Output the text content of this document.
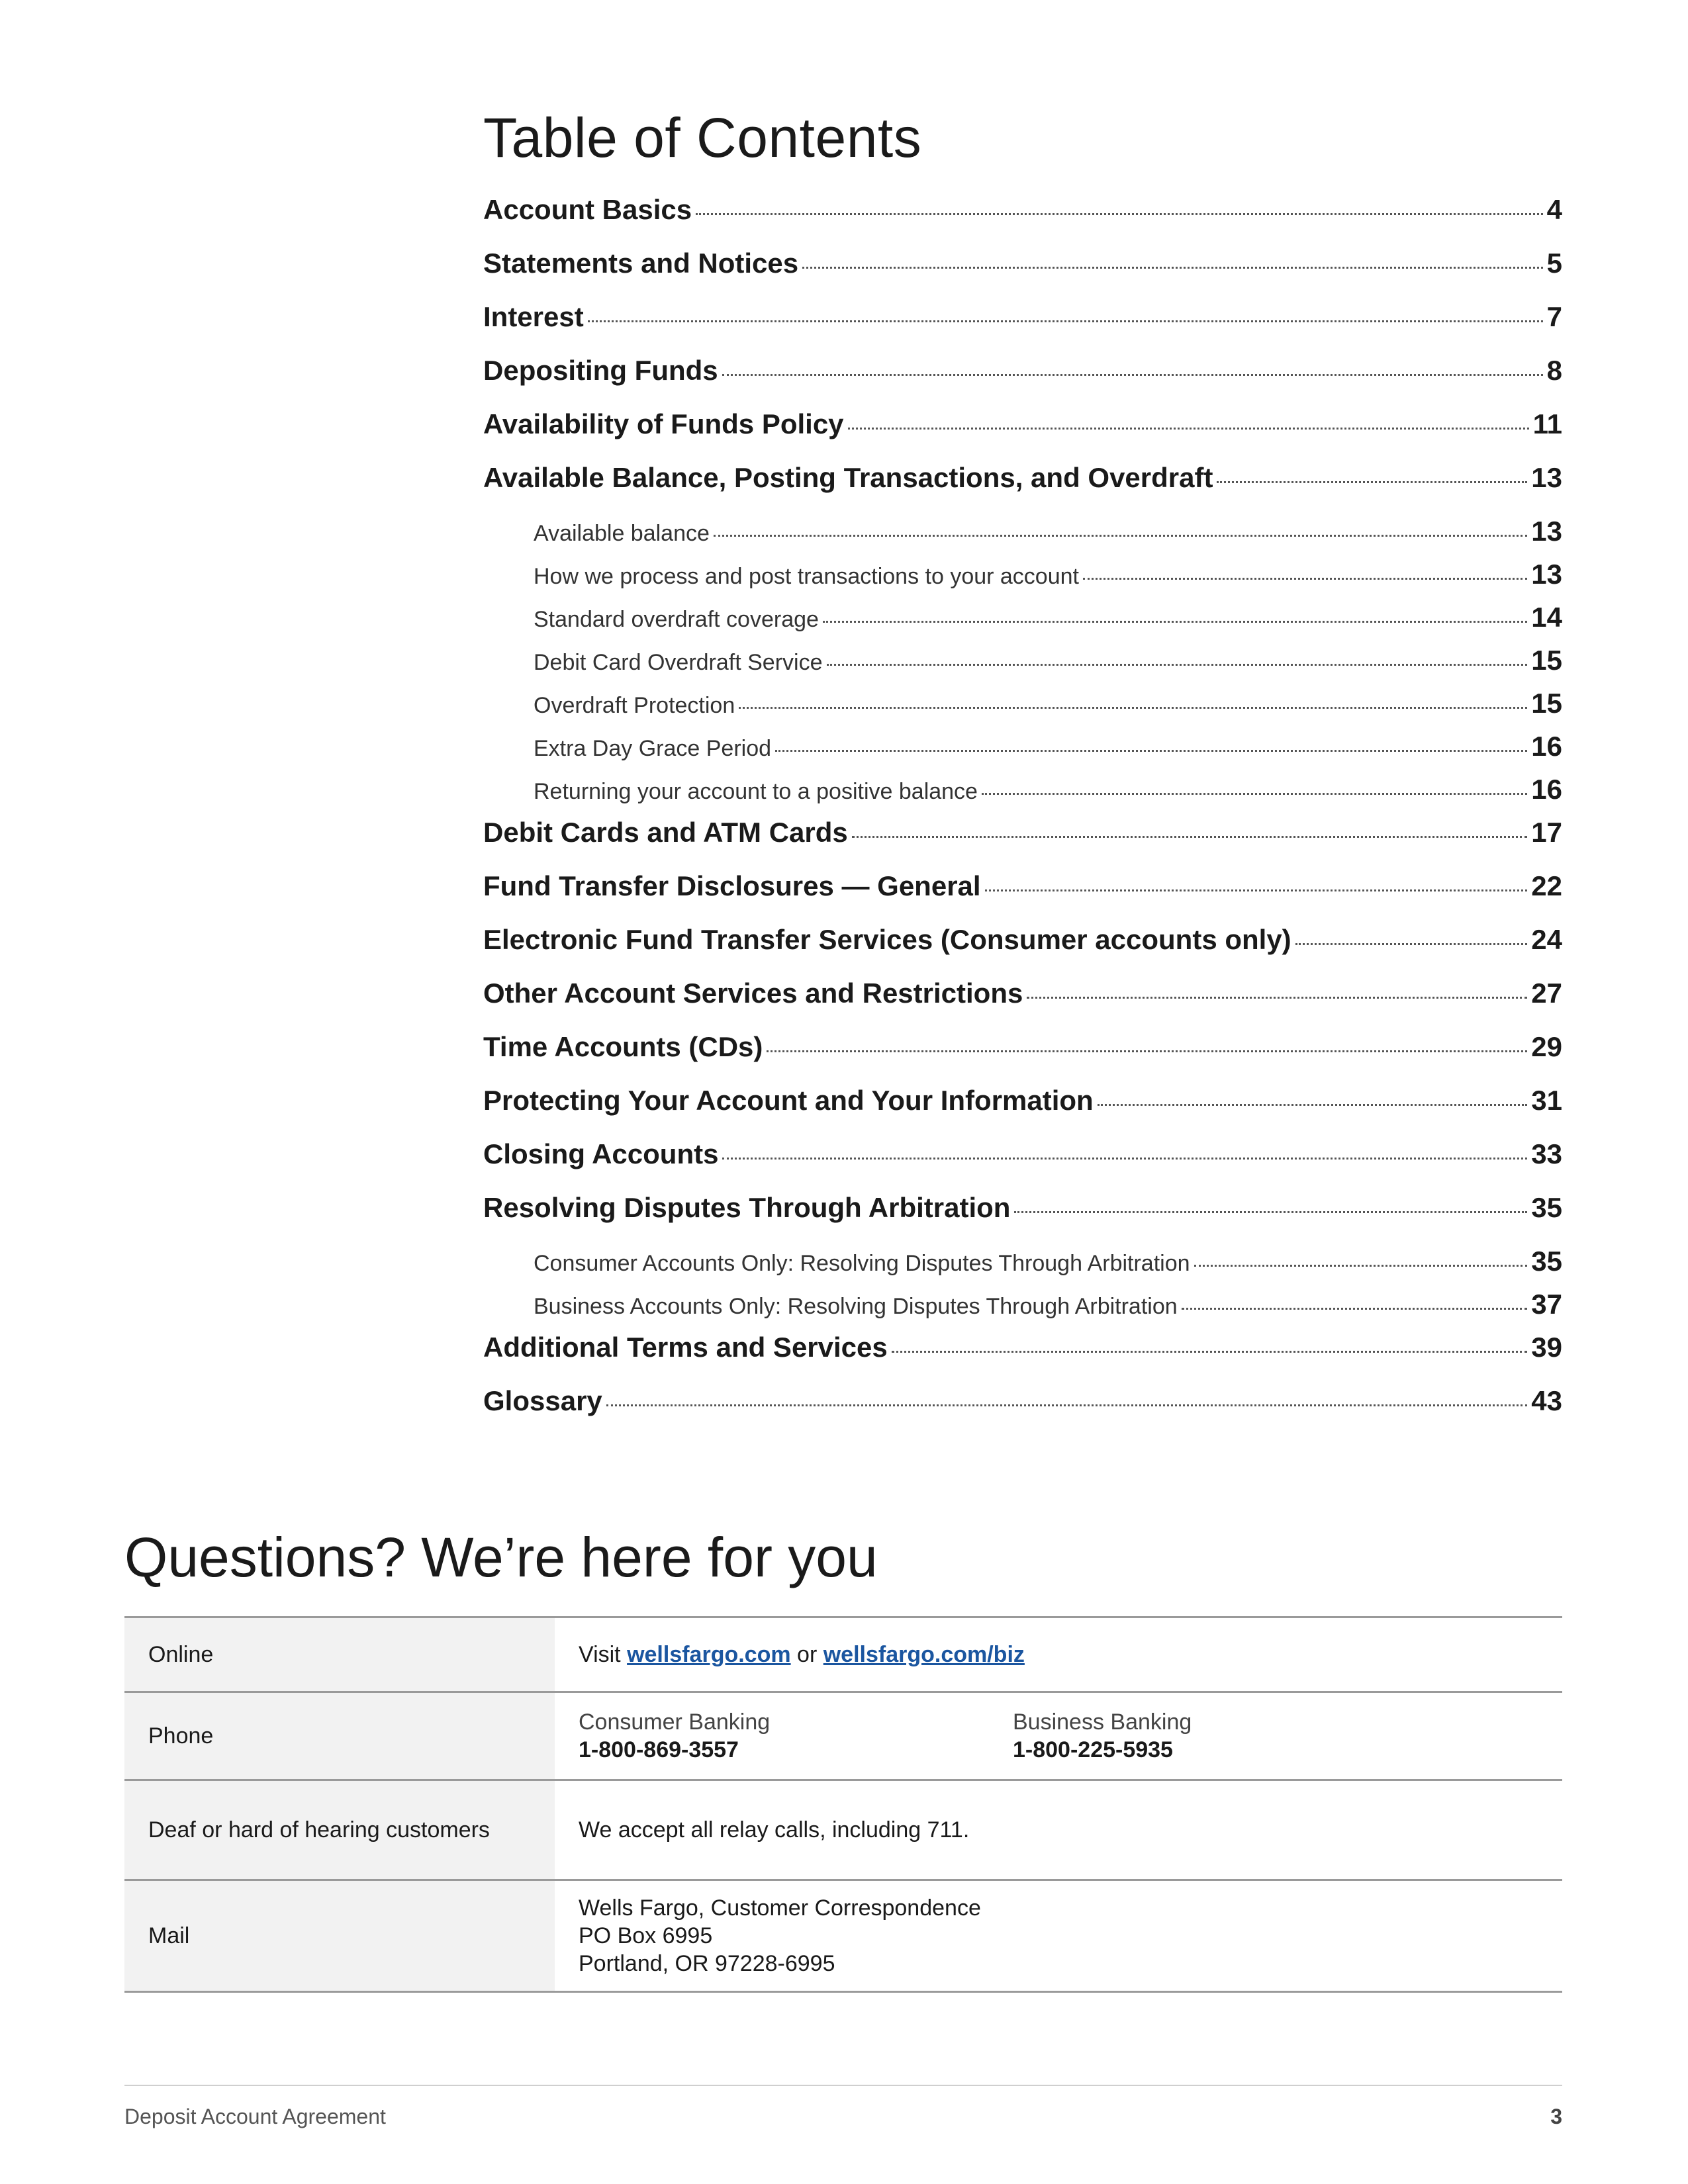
Table of Contents
Account Basics	4
Statements and Notices	5
Interest	7
Depositing Funds	8
Availability of Funds Policy	11
Available Balance, Posting Transactions, and Overdraft	13
Available balance	13
How we process and post transactions to your account	13
Standard overdraft coverage	14
Debit Card Overdraft Service	15
Overdraft Protection	15
Extra Day Grace Period	16
Returning your account to a positive balance	16
Debit Cards and ATM Cards	17
Fund Transfer Disclosures — General	22
Electronic Fund Transfer Services (Consumer accounts only)	24
Other Account Services and Restrictions	27
Time Accounts (CDs)	29
Protecting Your Account and Your Information	31
Closing Accounts	33
Resolving Disputes Through Arbitration	35
Consumer Accounts Only: Resolving Disputes Through Arbitration	35
Business Accounts Only: Resolving Disputes Through Arbitration	37
Additional Terms and Services	39
Glossary	43
Questions? We’re here for you
Online	Visit wellsfargo.com or wellsfargo.com/biz
Phone	Consumer Banking
1-800-869-3557
Business Banking
1-800-225-5935

Deaf or hard of hearing customers	We accept all relay calls, including 711.
Mail	Wells Fargo, Customer Correspondence
PO Box 6995
Portland, OR 97228-6995
Deposit Account Agreement	3
